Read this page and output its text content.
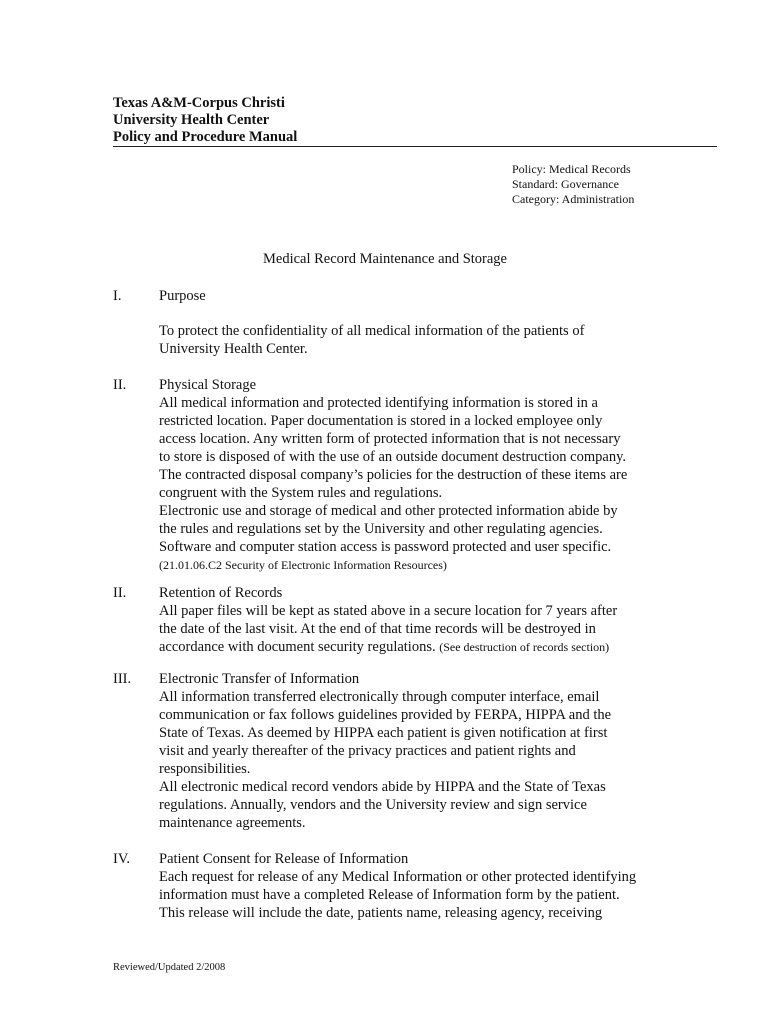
Texas A&M-Corpus Christi
University Health Center
Policy and Procedure Manual
Policy: Medical Records
Standard: Governance
Category: Administration
Medical Record Maintenance and Storage
I.	Purpose
To protect the confidentiality of all medical information of the patients of
University Health Center.
II. Physical Storage
All medical information and protected identifying information is stored in a
restricted location. Paper documentation is stored in a locked employee only
access location. Any written form of protected information that is not necessary
to store is disposed of with the use of an outside document destruction company.
The contracted disposal company’s policies for the destruction of these items are
congruent with the System rules and regulations.
Electronic use and storage of medical and other protected information abide by
the rules and regulations set by the University and other regulating agencies.
Software and computer station access is password protected and user specific.
(21.01.06.C2 Security of Electronic Information Resources)
II. Retention of Records
All paper files will be kept as stated above in a secure location for 7 years after
the date of the last visit. At the end of that time records will be destroyed in
accordance with document security regulations. (See destruction of records section)
III. Electronic Transfer of Information
All information transferred electronically through computer interface, email
communication or fax follows guidelines provided by FERPA, HIPPA and the
State of Texas. As deemed by HIPPA each patient is given notification at first
visit and yearly thereafter of the privacy practices and patient rights and
responsibilities.
All electronic medical record vendors abide by HIPPA and the State of Texas
regulations. Annually, vendors and the University review and sign service
maintenance agreements.
IV. Patient Consent for Release of Information
Each request for release of any Medical Information or other protected identifying
information must have a completed Release of Information form by the patient.
This release will include the date, patients name, releasing agency, receiving
Reviewed/Updated 2/2008
